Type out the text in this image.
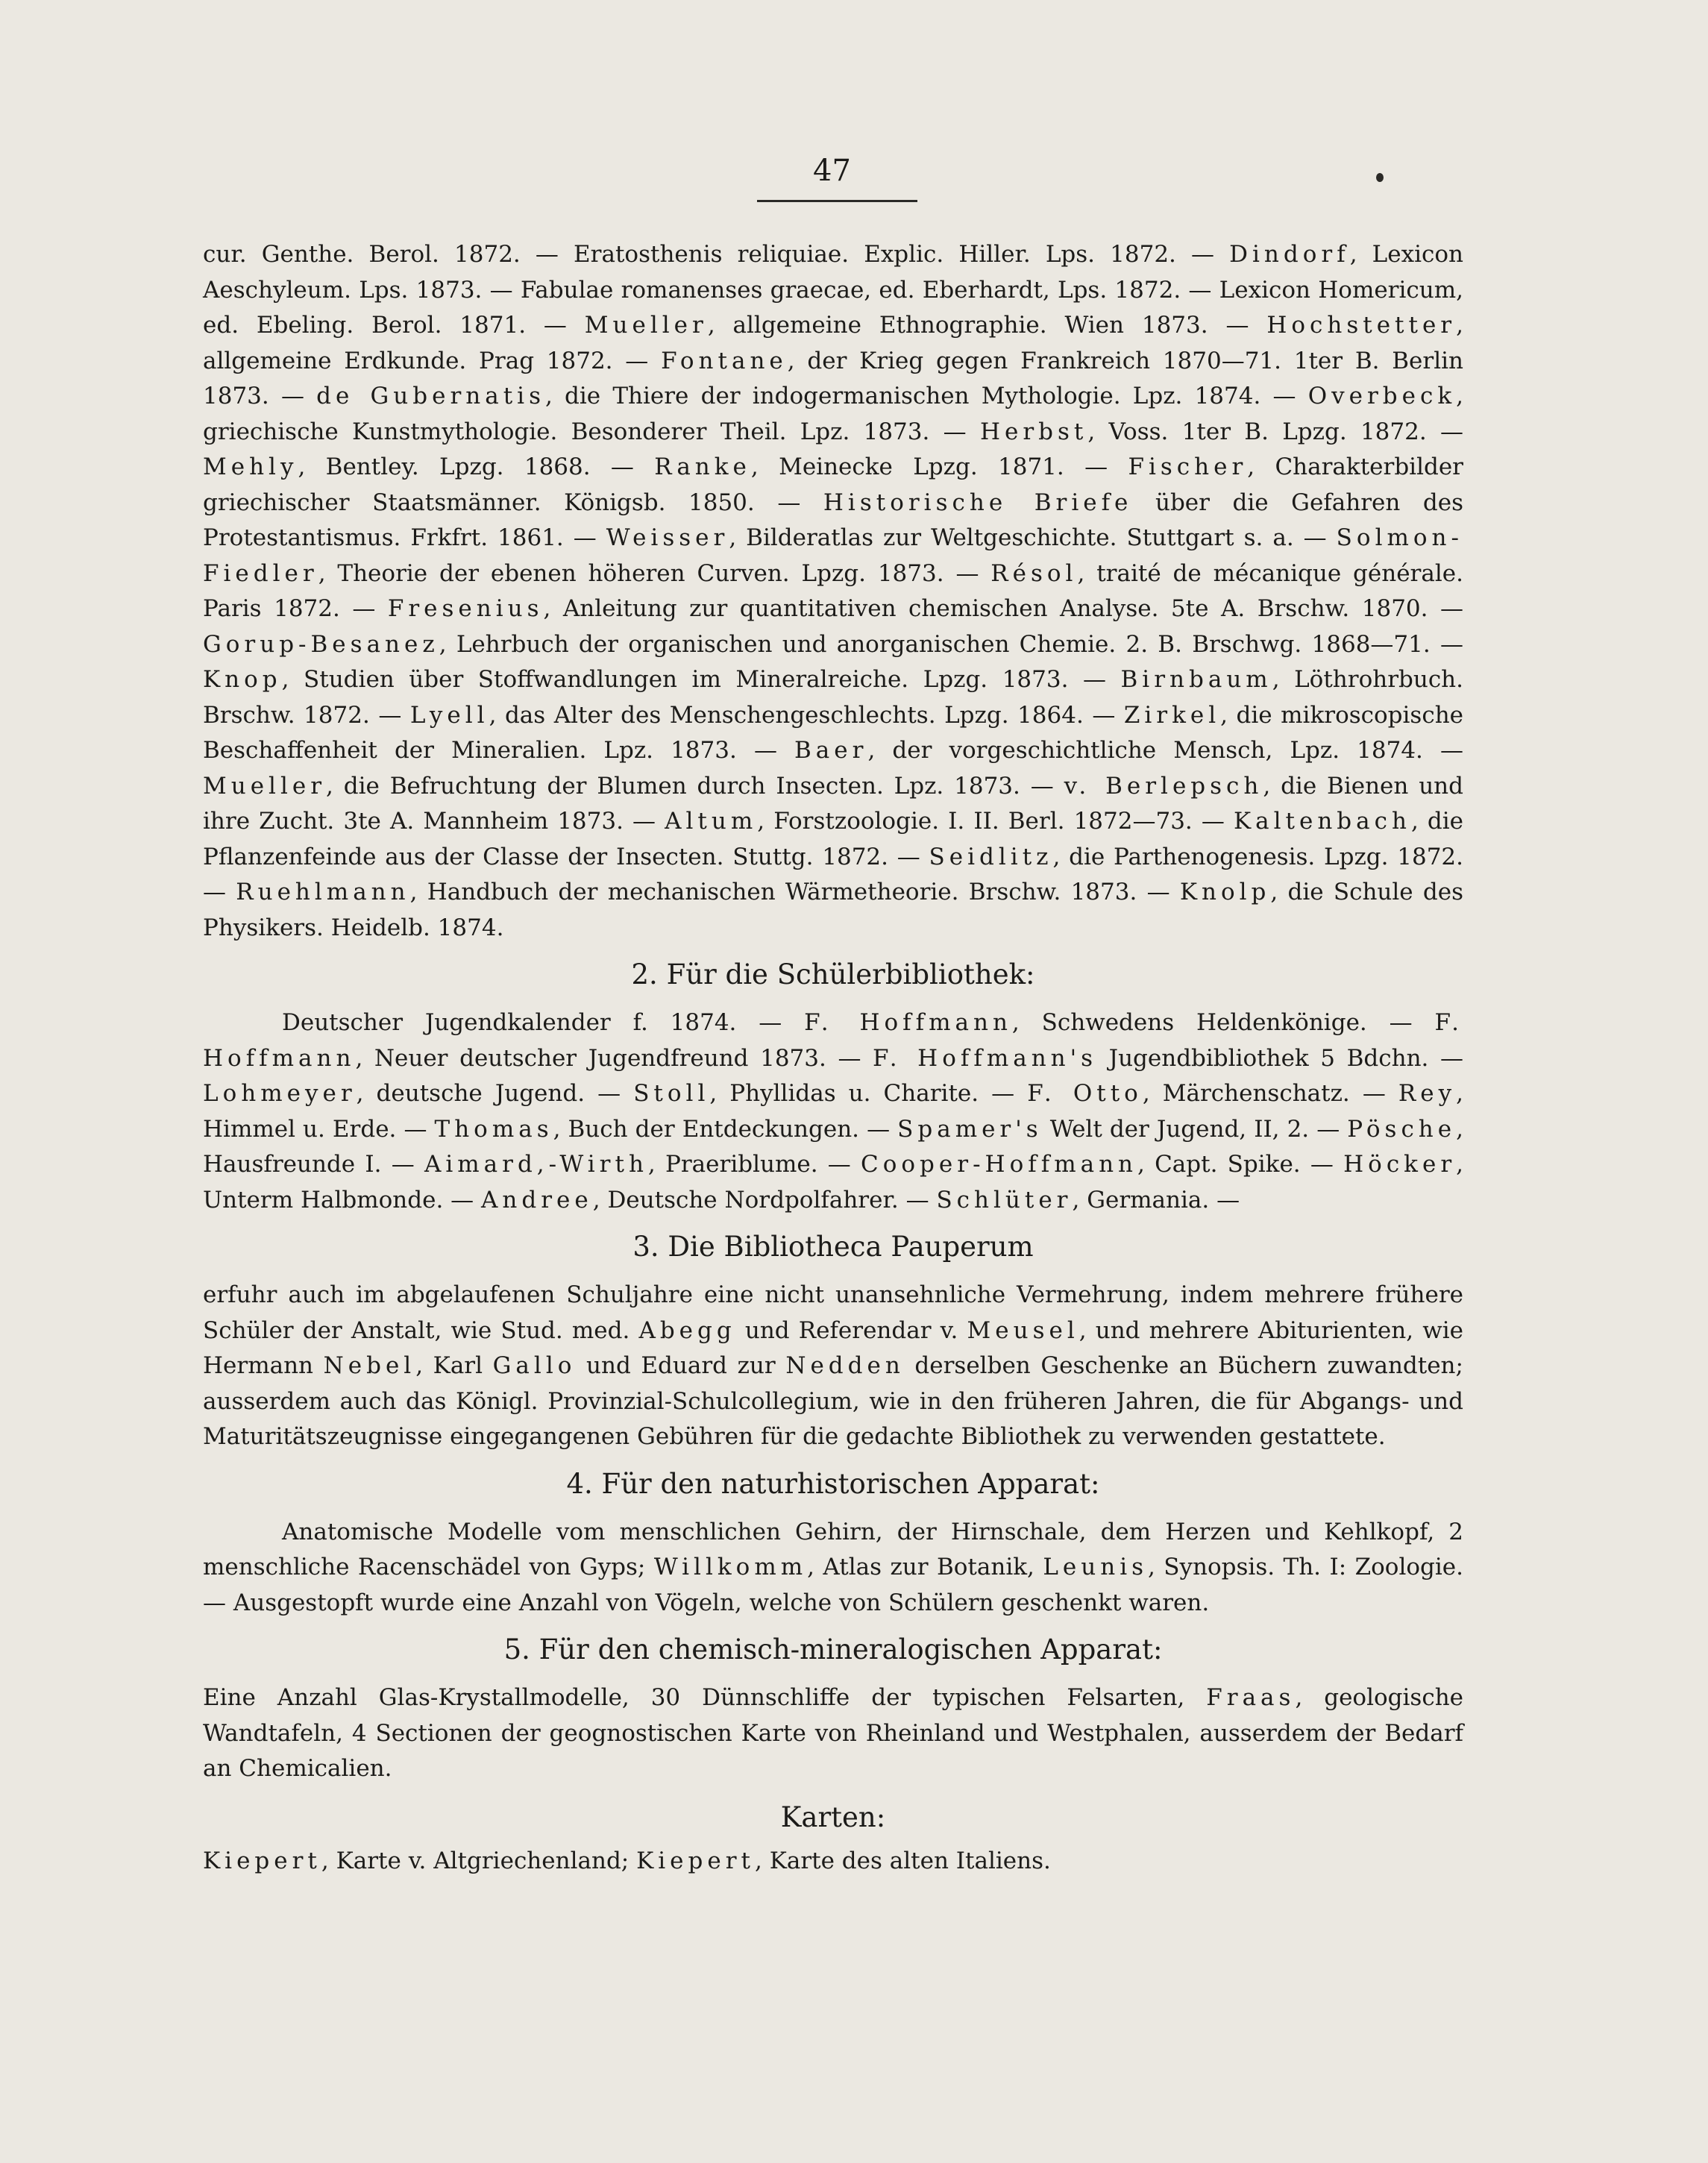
47

cur. Genthe. Berol. 1872. — Eratosthenis reliquiae. Explic. Hiller. Lps. 1872. — Dindorf, Lexicon Aeschyleum. Lps. 1873. — Fabulae romanenses graecae, ed. Eberhardt, Lps. 1872. — Lexicon Homericum, ed. Ebeling. Berol. 1871. — Mueller, allgemeine Ethnographie. Wien 1873. — Hochstetter, allgemeine Erdkunde. Prag 1872. — Fontane, der Krieg gegen Frankreich 1870—71. 1ter B. Berlin 1873. — de Gubernatis, die Thiere der indogermanischen Mythologie. Lpz. 1874. — Overbeck, griechische Kunstmythologie. Besonderer Theil. Lpz. 1873. — Herbst, Voss. 1ter B. Lpzg. 1872. — Mehly, Bentley. Lpzg. 1868. — Ranke, Meinecke Lpzg. 1871. — Fischer, Charakterbilder griechischer Staatsmänner. Königsb. 1850. — Historische Briefe über die Gefahren des Protestantismus. Frkfrt. 1861. — Weisser, Bilderatlas zur Weltgeschichte. Stuttgart s. a. — Solmon-Fiedler, Theorie der ebenen höheren Curven. Lpzg. 1873. — Résol, traité de mécanique générale. Paris 1872. — Fresenius, Anleitung zur quantitativen chemischen Analyse. 5te A. Brschw. 1870. — Gorup-Besanez, Lehrbuch der organischen und anorganischen Chemie. 2. B. Brschwg. 1868—71. — Knop, Studien über Stoffwandlungen im Mineralreiche. Lpzg. 1873. — Birnbaum, Löthrohrbuch. Brschw. 1872. — Lyell, das Alter des Menschengeschlechts. Lpzg. 1864. — Zirkel, die mikroscopische Beschaffenheit der Mineralien. Lpz. 1873. — Baer, der vorgeschichtliche Mensch, Lpz. 1874. — Mueller, die Befruchtung der Blumen durch Insecten. Lpz. 1873. — v. Berlepsch, die Bienen und ihre Zucht. 3te A. Mannheim 1873. — Altum, Forstzoologie. I. II. Berl. 1872—73. — Kaltenbach, die Pflanzenfeinde aus der Classe der Insecten. Stuttg. 1872. — Seidlitz, die Parthenogenesis. Lpzg. 1872. — Ruehlmann, Handbuch der mechanischen Wärmetheorie. Brschw. 1873. — Knolp, die Schule des Physikers. Heidelb. 1874.

2. Für die Schülerbibliothek:

Deutscher Jugendkalender f. 1874. — F. Hoffmann, Schwedens Heldenkönige. — F. Hoffmann, Neuer deutscher Jugendfreund 1873. — F. Hoffmann's Jugendbibliothek 5 Bdchn. — Lohmeyer, deutsche Jugend. — Stoll, Phyllidas u. Charite. — F. Otto, Märchenschatz. — Rey, Himmel u. Erde. — Thomas, Buch der Entdeckungen. — Spamer's Welt der Jugend, II, 2. — Pösche, Hausfreunde I. — Aimard,-Wirth, Praeriblume. — Cooper-Hoffmann, Capt. Spike. — Höcker, Unterm Halbmonde. — Andree, Deutsche Nordpolfahrer. — Schlüter, Germania. —

3. Die Bibliotheca Pauperum

erfuhr auch im abgelaufenen Schuljahre eine nicht unansehnliche Vermehrung, indem mehrere frühere Schüler der Anstalt, wie Stud. med. Abegg und Referendar v. Meusel, und mehrere Abiturienten, wie Hermann Nebel, Karl Gallo und Eduard zur Nedden derselben Geschenke an Büchern zuwandten; ausserdem auch das Königl. Provinzial-Schulcollegium, wie in den früheren Jahren, die für Abgangs- und Maturitätszeugnisse eingegangenen Gebühren für die gedachte Bibliothek zu verwenden gestattete.

4. Für den naturhistorischen Apparat:

Anatomische Modelle vom menschlichen Gehirn, der Hirnschale, dem Herzen und Kehlkopf, 2 menschliche Racenschädel von Gyps; Willkomm, Atlas zur Botanik, Leunis, Synopsis. Th. I: Zoologie. — Ausgestopft wurde eine Anzahl von Vögeln, welche von Schülern geschenkt waren.

5. Für den chemisch-mineralogischen Apparat:

Eine Anzahl Glas-Krystallmodelle, 30 Dünnschliffe der typischen Felsarten, Fraas, geologische Wandtafeln, 4 Sectionen der geognostischen Karte von Rheinland und Westphalen, ausserdem der Bedarf an Chemicalien.

Karten:

Kiepert, Karte v. Altgriechenland; Kiepert, Karte des alten Italiens.
